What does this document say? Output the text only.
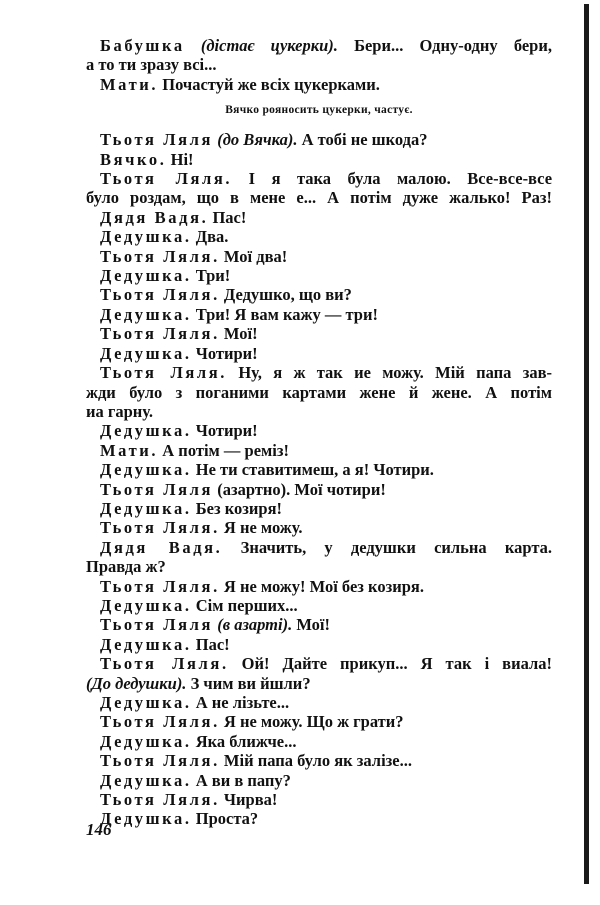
Бабушка (дістає цукерки). Бери... Одну-одну бери,
а то ти зразу всі...
Мати. Почастуй же всіх цукерками.
Вячко рояносить цукерки, частує.
Тьотя Ляля (до Вячка). А тобі не шкода?
Вячко. Ні!
Тьотя Ляля. І я така була малою. Все-все-все
було роздам, що в мене е... А потім дуже жалько! Раз!
Дядя Вадя. Пас!
Дедушка. Два.
Тьотя Ляля. Мої два!
Дедушка. Три!
Тьотя Ляля. Дедушко, що ви?
Дедушка. Три! Я вам кажу — три!
Тьотя Ляля. Мої!
Дедушка. Чотири!
Тьотя Ляля. Ну, я ж так ие можу. Мій папа зав-
жди було з поганими картами жене й жене. А потім
иа гарну.
Дедушка. Чотири!
Мати. А потім — реміз!
Дедушка. Не ти ставитимеш, а я! Чотири.
Тьотя Ляля (азартно). Мої чотири!
Дедушка. Без козиря!
Тьотя Ляля. Я не можу.
Дядя Вадя. Значить, у дедушки сильна карта.
Правда ж?
Тьотя Ляля. Я не можу! Мої без козиря.
Дедушка. Сім перших...
Тьотя Ляля (в азарті). Мої!
Дедушка. Пас!
Тьотя Ляля. Ой! Дайте прикуп... Я так і виала!
(До дедушки). З чим ви йшли?
Дедушка. А не лізьте...
Тьотя Ляля. Я не можу. Що ж грати?
Дедушка. Яка ближче...
Тьотя Ляля. Мій папа було як залізе...
Дедушка. А ви в папу?
Тьотя Ляля. Чирва!
Дедушка. Проста?
146
